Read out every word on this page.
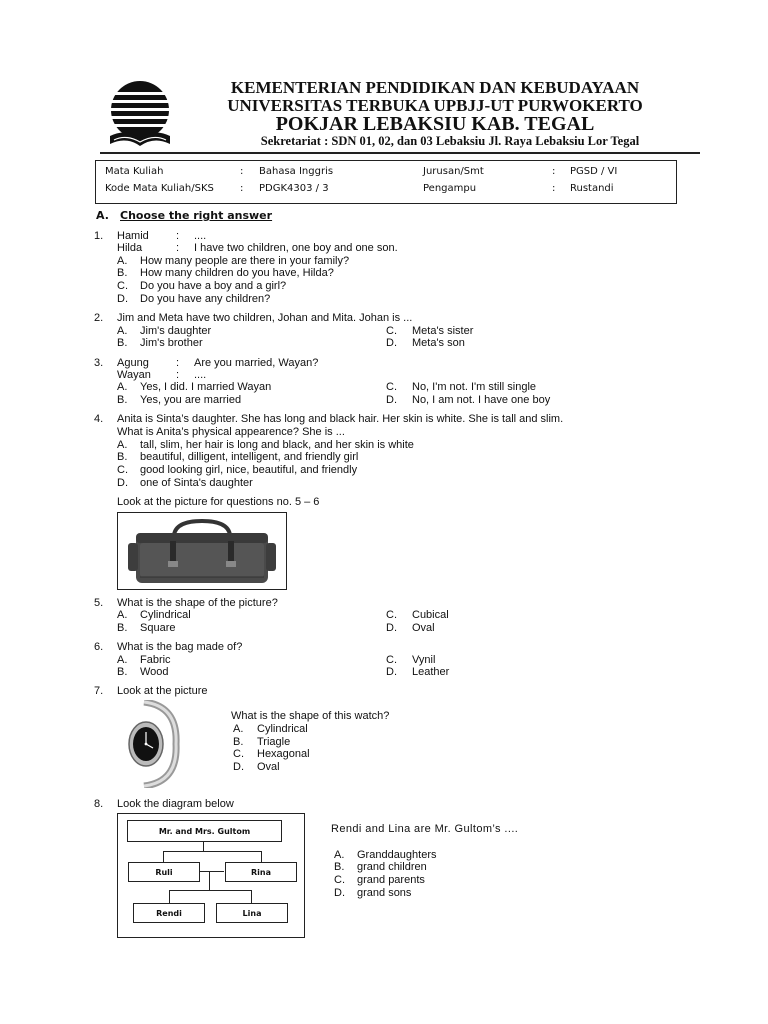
KEMENTERIAN PENDIDIKAN DAN KEBUDAYAAN
UNIVERSITAS TERBUKA UPBJJ-UT PURWOKERTO
POKJAR LEBAKSIU KAB. TEGAL
Sekretariat : SDN 01, 02, dan 03 Lebaksiu Jl. Raya Lebaksiu Lor Tegal
Mata Kuliah	: Bahasa Inggris	Jurusan/Smt	: PGSD / VI
Kode Mata Kuliah/SKS	: PDGK4303 / 3	Pengampu	: Rustandi
A. Choose the right answer
1. Hamid : ....
Hilda	: I have two children, one boy and one son.
A. How many people are there in your family?
B. How many children do you have, Hilda?
C. Do you have a boy and a girl?
D. Do you have any children?
2. Jim and Meta have two children, Johan and Mita. Johan is ...
A. Jim's daughter
B. Jim's brother
C. Meta's sister
D. Meta's son
3. Agung : Are you married, Wayan?
Wayan : ....
A. Yes, I did. I married Wayan
B. Yes, you are married
C. No, I'm not. I'm still single
D. No, I am not. I have one boy
4. Anita is Sinta’s daughter. She has long and black hair. Her skin is white. She is tall and slim.
What is Anita’s physical appearence? She is ...
A. tall, slim, her hair is long and black, and her skin is white
B. beautiful, dilligent, intelligent, and friendly girl
C. good looking girl, nice, beautiful, and friendly
D. one of Sinta's daughter
Look at the picture for questions no. 5 – 6
5. What is the shape of the picture?
A. Cylindrical
B. Square
C. Cubical
D. Oval
6. What is the bag made of?
A. Fabric
B. Wood
C. Vynil
D. Leather
7. Look at the picture
What is the shape of this watch?
A. Cylindrical
B. Triagle
C. Hexagonal
D. Oval
8. Look the diagram below
Mr. and Mrs. Gultom
Ruli	Rina
Rendi	Lina
Rendi and Lina are Mr. Gultom’s ....
A. Granddaughters
B. grand children
C. grand parents
D. grand sons
